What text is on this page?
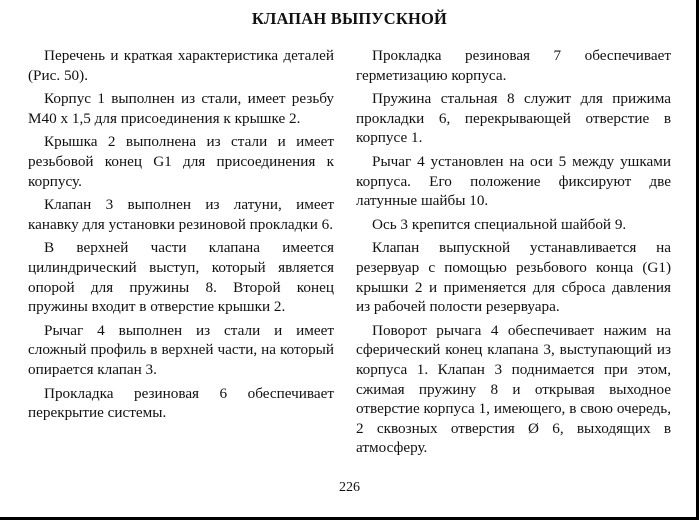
КЛАПАН ВЫПУСКНОЙ

Перечень и краткая характеристика деталей (Рис. 50).

Корпус 1 выполнен из стали, имеет резьбу М40 х 1,5 для присоединения к крышке 2.

Крышка 2 выполнена из стали и имеет резьбовой конец G1 для присоединения к корпусу.

Клапан 3 выполнен из латуни, имеет канавку для установки резиновой прокладки 6.

В верхней части клапана имеется цилиндрический выступ, который является опорой для пружины 8. Второй конец пружины входит в отверстие крышки 2.

Рычаг 4 выполнен из стали и имеет сложный профиль в верхней части, на который опирается клапан 3.

Прокладка резиновая 6 обеспечивает перекрытие системы.

Прокладка резиновая 7 обеспечивает герметизацию корпуса.

Пружина стальная 8 служит для прижима прокладки 6, перекрывающей отверстие в корпусе 1.

Рычаг 4 установлен на оси 5 между ушками корпуса. Его положение фиксируют две латунные шайбы 10.

Ось 3 крепится специальной шайбой 9.

Клапан выпускной устанавливается на резервуар с помощью резьбового конца (G1) крышки 2 и применяется для сброса давления из рабочей полости резервуара.

Поворот рычага 4 обеспечивает нажим на сферический конец клапана 3, выступающий из корпуса 1. Клапан 3 поднимается при этом, сжимая пружину 8 и открывая выходное отверстие корпуса 1, имеющего, в свою очередь, 2 сквозных отверстия Ø 6, выходящих в атмосферу.

226
